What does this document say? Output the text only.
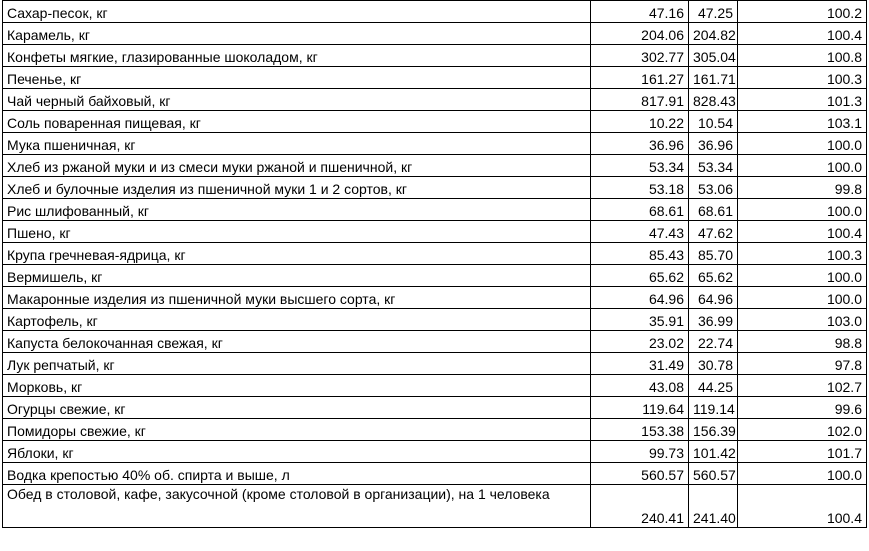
Сахар-песок, кг	47.16	47.25	100.2
Карамель, кг	204.06	204.82	100.4
Конфеты мягкие, глазированные шоколадом, кг	302.77	305.04	100.8
Печенье, кг	161.27	161.71	100.3
Чай черный байховый, кг	817.91	828.43	101.3
Соль поваренная пищевая, кг	10.22	10.54	103.1
Мука пшеничная, кг	36.96	36.96	100.0
Хлеб из ржаной муки и из смеси муки ржаной и пшеничной, кг	53.34	53.34	100.0
Хлеб и булочные изделия из пшеничной муки 1 и 2 сортов, кг	53.18	53.06	99.8
Рис шлифованный, кг	68.61	68.61	100.0
Пшено, кг	47.43	47.62	100.4
Крупа гречневая-ядрица, кг	85.43	85.70	100.3
Вермишель, кг	65.62	65.62	100.0
Макаронные изделия из пшеничной муки высшего сорта, кг	64.96	64.96	100.0
Картофель, кг	35.91	36.99	103.0
Капуста белокочанная свежая, кг	23.02	22.74	98.8
Лук репчатый, кг	31.49	30.78	97.8
Морковь, кг	43.08	44.25	102.7
Огурцы свежие, кг	119.64	119.14	99.6
Помидоры свежие, кг	153.38	156.39	102.0
Яблоки, кг	99.73	101.42	101.7
Водка крепостью 40% об. спирта и выше, л	560.57	560.57	100.0
Обед в столовой, кафе, закусочной (кроме столовой в организации), на 1 человека	240.41	241.40	100.4
